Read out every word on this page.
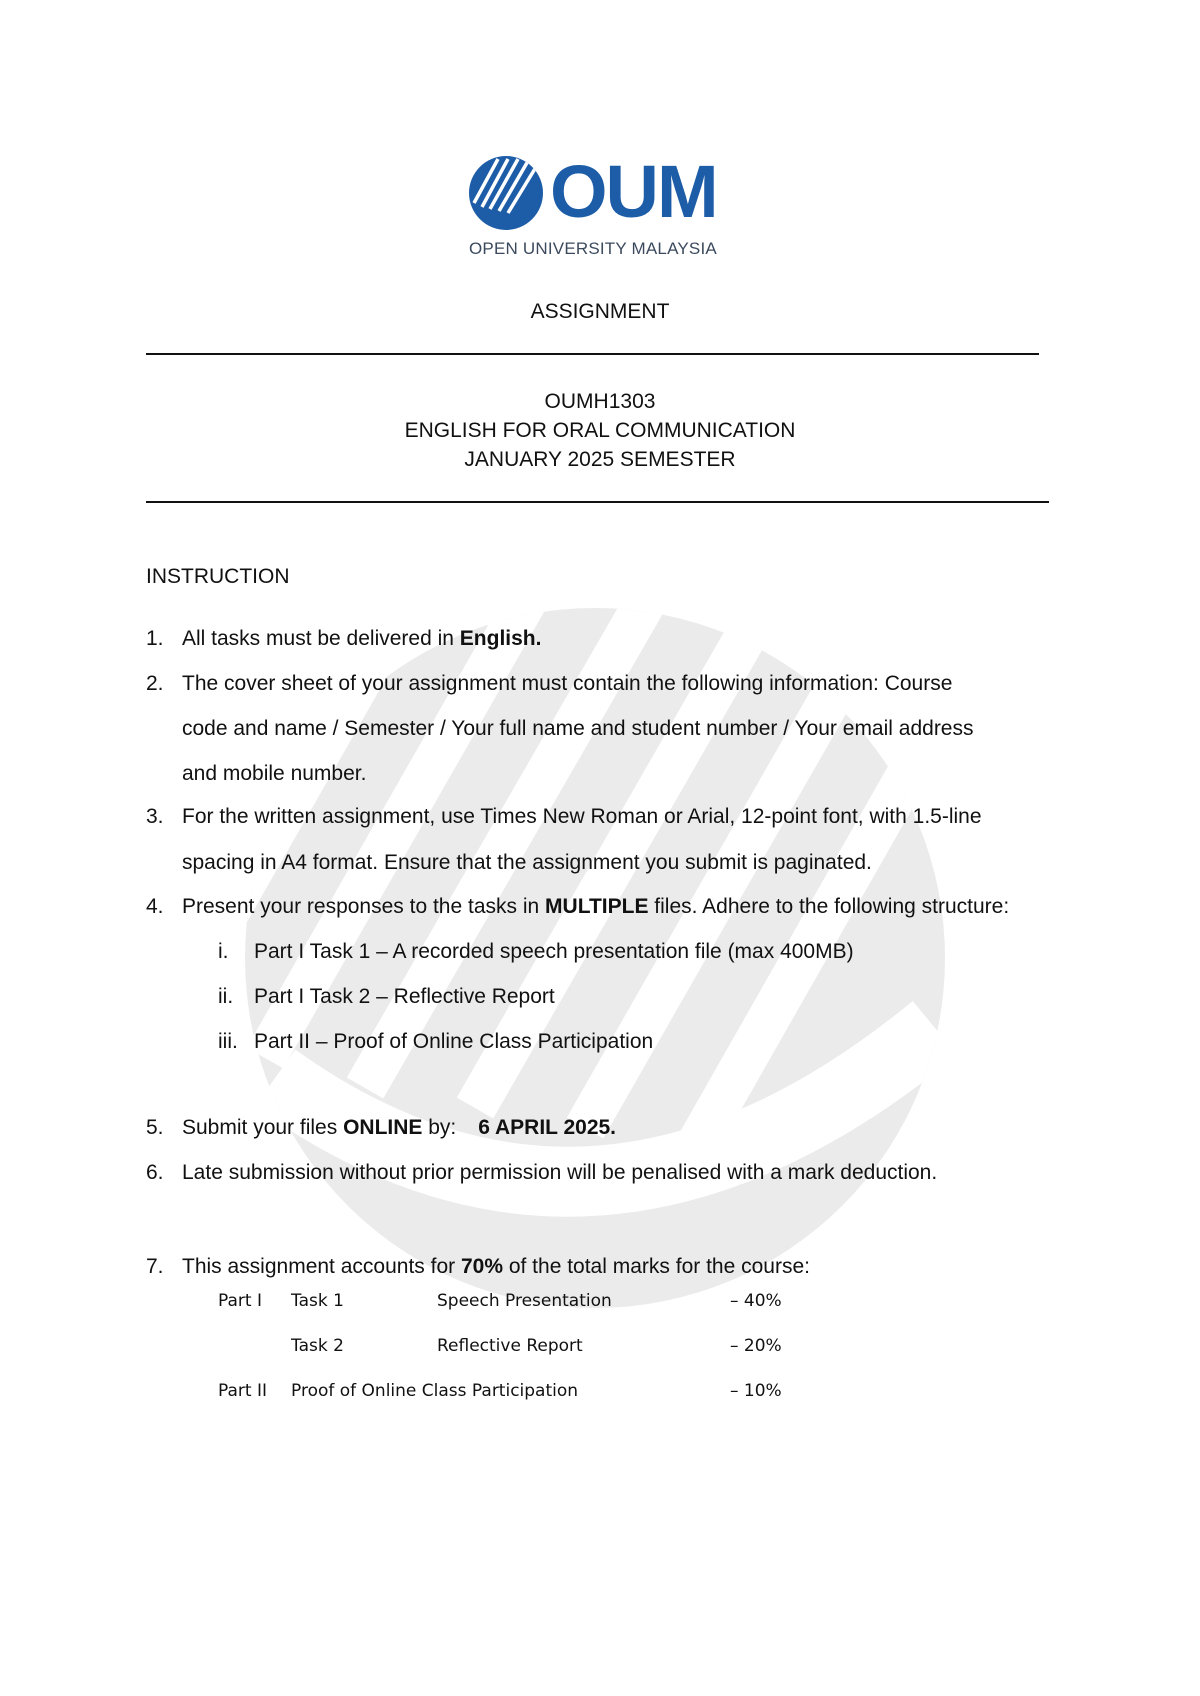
OUM
OPEN UNIVERSITY MALAYSIA
ASSIGNMENT
OUMH1303
ENGLISH FOR ORAL COMMUNICATION
JANUARY 2025 SEMESTER
INSTRUCTION
1. All tasks must be delivered in English.
2. The cover sheet of your assignment must contain the following information: Course
code and name / Semester / Your full name and student number / Your email address
and mobile number.
3. For the written assignment, use Times New Roman or Arial, 12-point font, with 1.5-line
spacing in A4 format. Ensure that the assignment you submit is paginated.
4. Present your responses to the tasks in MULTIPLE files. Adhere to the following structure:
i. Part I Task 1 – A recorded speech presentation file (max 400MB)
ii. Part I Task 2 – Reflective Report
iii. Part II – Proof of Online Class Participation
5. Submit your files ONLINE by: 6 APRIL 2025.
6. Late submission without prior permission will be penalised with a mark deduction.
7. This assignment accounts for 70% of the total marks for the course:
Part I Task 1	Speech Presentation	– 40%
Task 2	Reflective Report	– 20%
Part II Proof of Online Class Participation	– 10%
